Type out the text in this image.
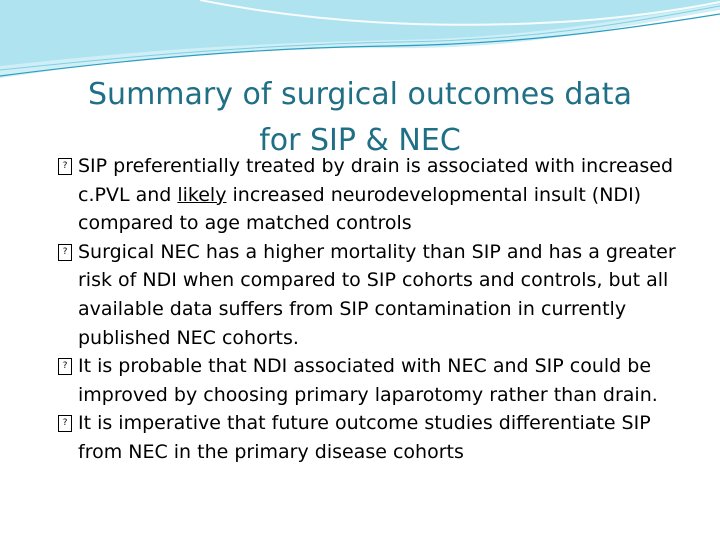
Summary of surgical outcomes data
for SIP & NEC
? SIP preferentially treated by drain is associated with increased c.PVL and likely increased neurodevelopmental insult (NDI) compared to age matched controls
? Surgical NEC has a higher mortality than SIP and has a greater risk of NDI when compared to SIP cohorts and controls, but all available data suffers from SIP contamination in currently published NEC cohorts.
? It is probable that NDI associated with NEC and SIP could be improved by choosing primary laparotomy rather than drain.
? It is imperative that future outcome studies differentiate SIP from NEC in the primary disease cohorts
